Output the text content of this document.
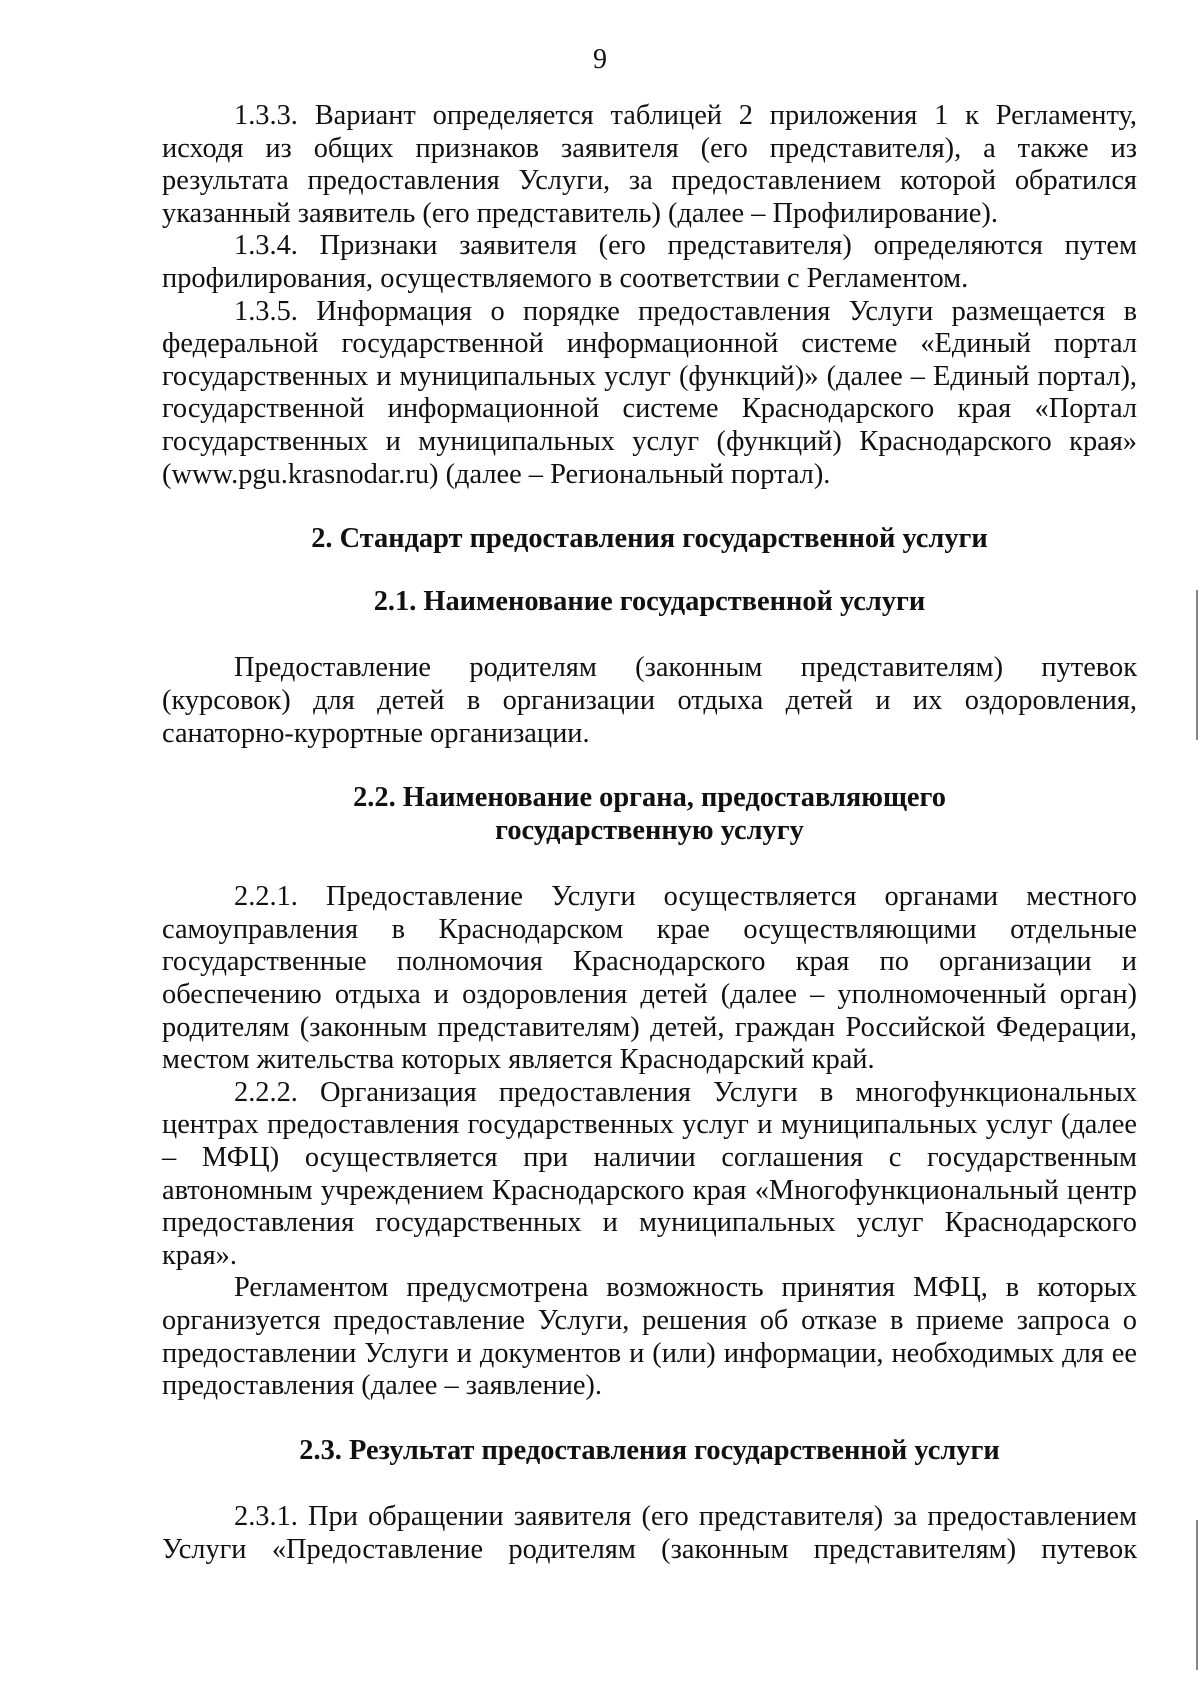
9

1.3.3. Вариант определяется таблицей 2 приложения 1 к Регламенту, исходя из общих признаков заявителя (его представителя), а также из результата предоставления Услуги, за предоставлением которой обратился указанный заявитель (его представитель) (далее – Профилирование).

1.3.4. Признаки заявителя (его представителя) определяются путем профилирования, осуществляемого в соответствии с Регламентом.

1.3.5. Информация о порядке предоставления Услуги размещается в федеральной государственной информационной системе «Единый портал государственных и муниципальных услуг (функций)» (далее – Единый портал), государственной информационной системе Краснодарского края «Портал государственных и муниципальных услуг (функций) Краснодарского края» (www.pgu.krasnodar.ru) (далее – Региональный портал).

2. Стандарт предоставления государственной услуги

2.1. Наименование государственной услуги

Предоставление родителям (законным представителям) путевок (курсовок) для детей в организации отдыха детей и их оздоровления, санаторно-курортные организации.

2.2. Наименование органа, предоставляющего

государственную услугу

2.2.1. Предоставление Услуги осуществляется органами местного самоуправления в Краснодарском крае осуществляющими отдельные государственные полномочия Краснодарского края по организации и обеспечению отдыха и оздоровления детей (далее – уполномоченный орган) родителям (законным представителям) детей, граждан Российской Федерации, местом жительства которых является Краснодарский край.

2.2.2. Организация предоставления Услуги в многофункциональных центрах предоставления государственных услуг и муниципальных услуг (далее – МФЦ) осуществляется при наличии соглашения с государственным автономным учреждением Краснодарского края «Многофункциональный центр предоставления государственных и муниципальных услуг Краснодарского края».

Регламентом предусмотрена возможность принятия МФЦ, в которых организуется предоставление Услуги, решения об отказе в приеме запроса о предоставлении Услуги и документов и (или) информации, необходимых для ее предоставления (далее – заявление).

2.3. Результат предоставления государственной услуги

2.3.1. При обращении заявителя (его представителя) за предоставлением Услуги «Предоставление родителям (законным представителям) путевок
